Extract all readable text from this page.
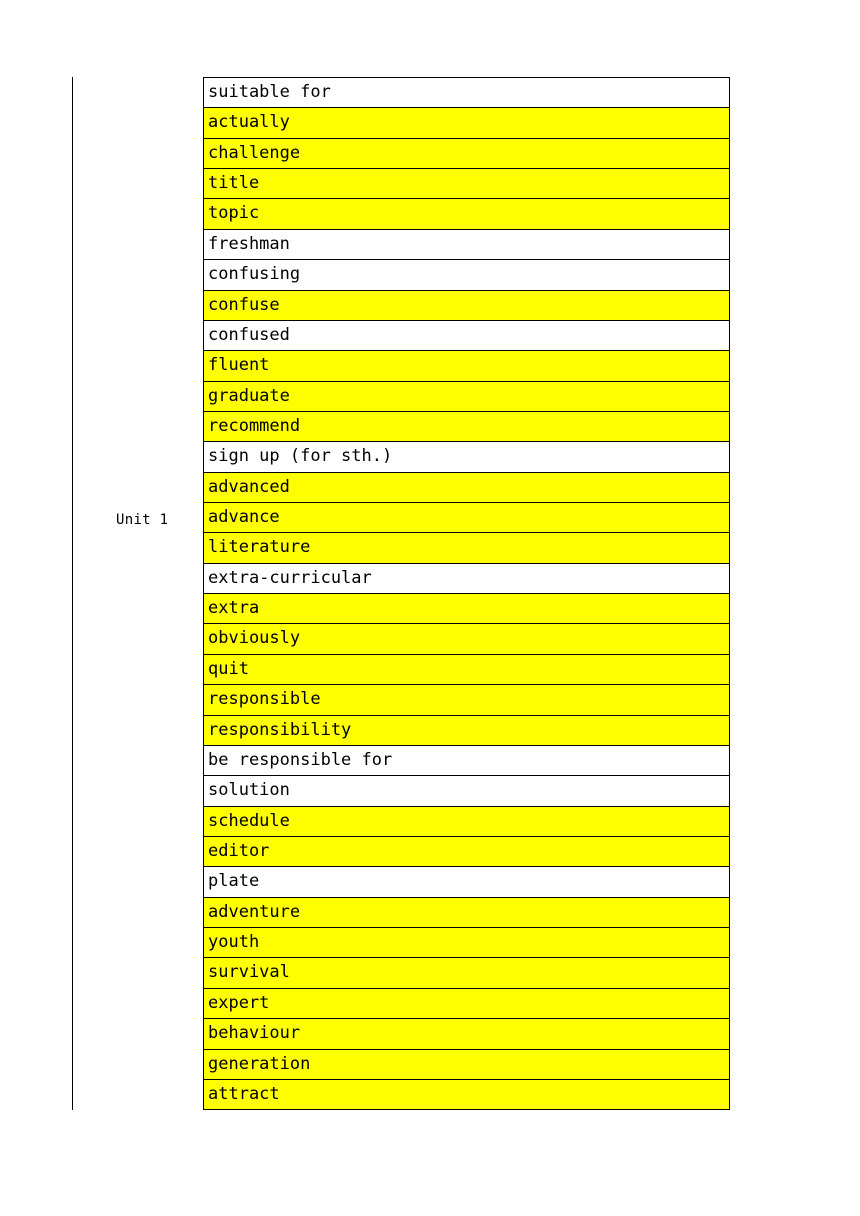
Unit 1
suitable for
actually
challenge
title
topic
freshman
confusing
confuse
confused
fluent
graduate
recommend
sign up (for sth.)
advanced
advance
literature
extra-curricular
extra
obviously
quit
responsible
responsibility
be responsible for
solution
schedule
editor
plate
adventure
youth
survival
expert
behaviour
generation
attract
